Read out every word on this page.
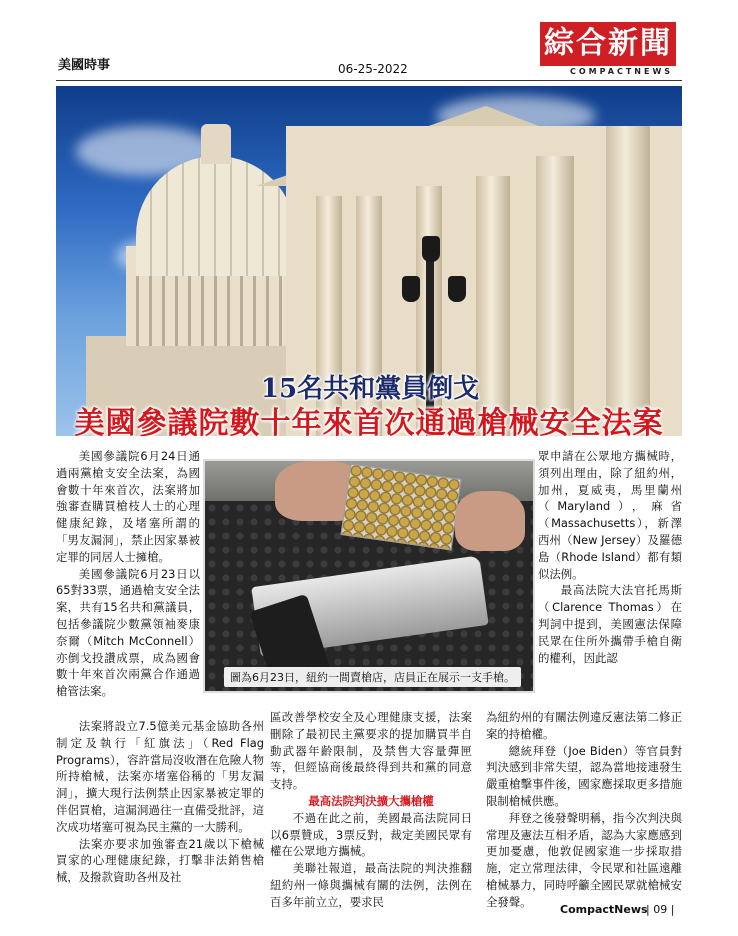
美國時事	06-25-2022
綜合新聞
COMPACTNEWS
15名共和黨員倒戈
美國參議院數十年來首次通過槍械安全法案
圖為6月23日，紐約一間賣槍店，店員正在展示一支手槍。

美國參議院6月24日通過兩黨槍支安全法案，為國會數十年來首次，法案將加強審查購買槍枝人士的心理健康紀錄，及堵塞所謂的「男友漏洞」，禁止因家暴被定罪的同居人士擁槍。

美國參議院6月23日以65對33票，通過槍支安全法案，共有15名共和黨議員，包括參議院少數黨領袖麥康奈爾（Mitch McConnell）亦倒戈投讚成票，成為國會數十年來首次兩黨合作通過槍管法案。

法案將設立7.5億美元基金協助各州制定及執行「紅旗法」（Red Flag Programs），容許當局沒收潛在危險人物所持槍械，法案亦堵塞俗稱的「男友漏洞」，擴大現行法例禁止因家暴被定罪的伴侶買槍，這漏洞過往一直備受批評，這次成功堵塞可視為民主黨的一大勝利。

法案亦要求加強審查21歲以下槍械買家的心理健康紀錄，打擊非法銷售槍械，及撥款資助各州及社

區改善學校安全及心理健康支援，法案刪除了最初民主黨要求的提加購買半自動武器年齡限制，及禁售大容量彈匣等，但經協商後最終得到共和黨的同意支持。

最高法院判決擴大攜槍權

不過在此之前，美國最高法院同日以6票贊成，3票反對，裁定美國民眾有權在公眾地方攜械。

美聯社報道，最高法院的判決推翻紐約州一條與攜械有關的法例，法例在百多年前立立，要求民

眾申請在公眾地方攜械時，須列出理由，除了紐約州，加州，夏威夷，馬里蘭州（Maryland），麻省（Massachusetts），新澤西州（New Jersey）及羅德島（Rhode Island）都有類似法例。

最高法院大法官托馬斯（Clarence Thomas）在判詞中提到，美國憲法保障民眾在住所外攜帶手槍自衛的權利，因此認

為紐約州的有關法例違反憲法第二修正案的持槍權。

總統拜登（Joe Biden）等官員對判決感到非常失望，認為當地接連發生嚴重槍擊事件後，國家應採取更多措施限制槍械供應。

拜登之後發聲明稱，指今次判決與常理及憲法互相矛盾，認為大家應感到更加憂慮，他敦促國家進一步採取措施，定立常理法律，令民眾和社區遠離槍械暴力，同時呼籲全國民眾就槍械安全發聲。

CompactNews
| 09 |
